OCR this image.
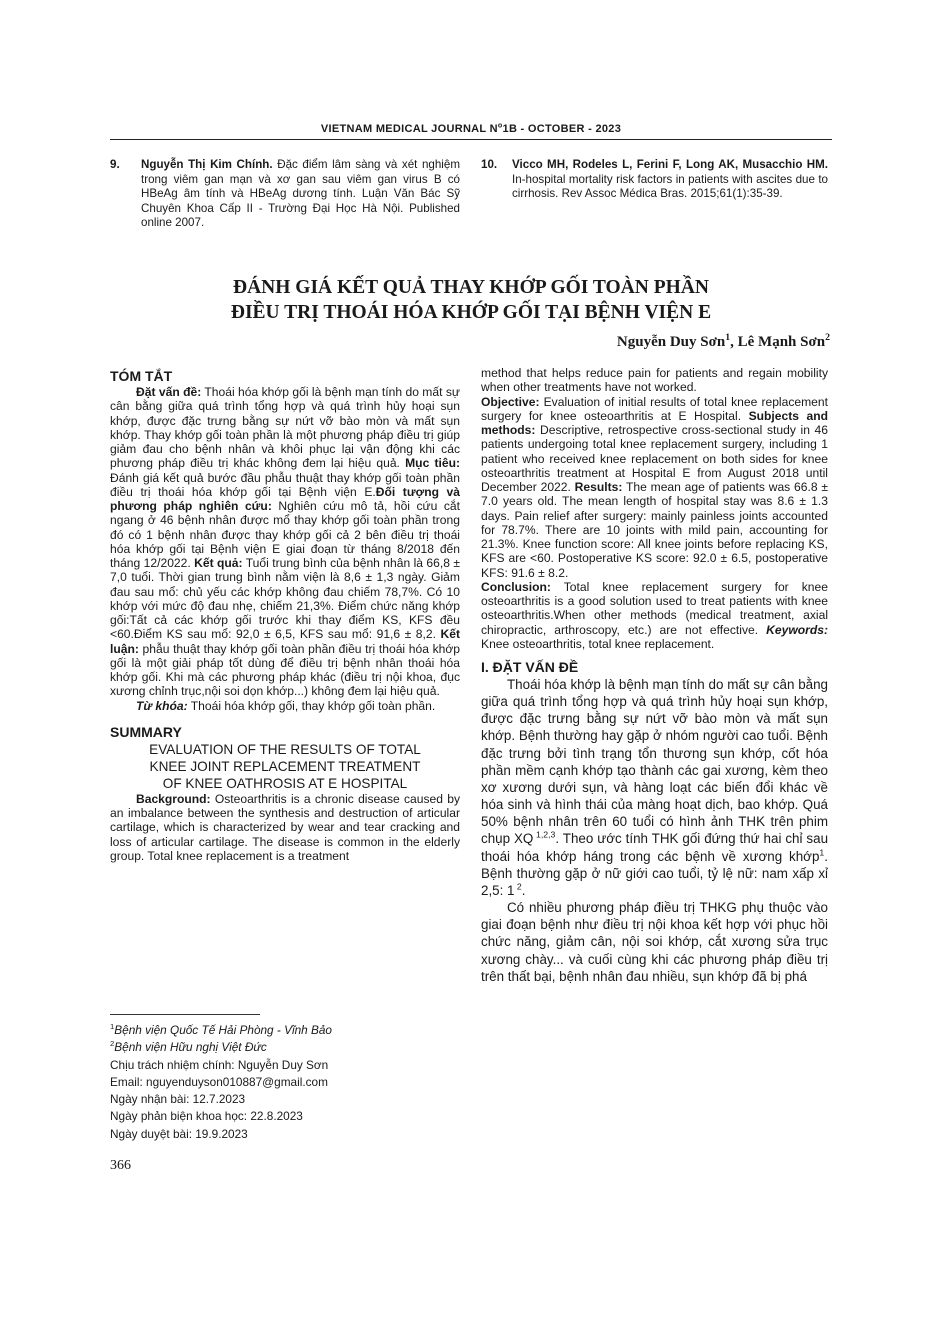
VIETNAM MEDICAL JOURNAL $N^o1B$ - OCTOBER - 2023
9. Nguyễn Thị Kim Chính. Đặc điểm lâm sàng và xét nghiệm trong viêm gan mạn và xơ gan sau viêm gan virus B có HBeAg âm tính và HBeAg dương tính. Luận Văn Bác Sỹ Chuyên Khoa Cấp II - Trường Đại Học Hà Nội. Published online 2007.
10. Vicco MH, Rodeles L, Ferini F, Long AK, Musacchio HM. In-hospital mortality risk factors in patients with ascites due to cirrhosis. Rev Assoc Médica Bras. 2015;61(1):35-39.
ĐÁNH GIÁ KẾT QUẢ THAY KHỚP GỐI TOÀN PHẦN
ĐIỀU TRỊ THOÁI HÓA KHỚP GỐI TẠI BỆNH VIỆN E
Nguyễn Duy Sơn$^1$, Lê Mạnh Sơn$^2$

TÓM TẮT

Đặt vấn đề: Thoái hóa khớp gối là bệnh mạn tính do mất sự cân bằng giữa quá trình tổng hợp và quá trình hủy hoại sụn khớp, được đặc trưng bằng sự nứt vỡ bào mòn và mất sụn khớp. Thay khớp gối toàn phần là một phương pháp điều trị giúp giảm đau cho bệnh nhân và khôi phục lại vận động khi các phương pháp điều trị khác không đem lại hiệu quả. Mục tiêu: Đánh giá kết quả bước đầu phẫu thuật thay khớp gối toàn phần điều trị thoái hóa khớp gối tại Bệnh viện E.Đối tượng và phương pháp nghiên cứu: Nghiên cứu mô tả, hồi cứu cắt ngang ở 46 bệnh nhân được mổ thay khớp gối toàn phần trong đó có 1 bệnh nhân được thay khớp gối cả 2 bên điều trị thoái hóa khớp gối tại Bệnh viện E giai đoạn từ tháng 8/2018 đến tháng 12/2022. Kết quả: Tuổi trung bình của bệnh nhân là 66,8 ± 7,0 tuổi. Thời gian trung bình nằm viện là 8,6 ± 1,3 ngày. Giảm đau sau mổ: chủ yếu các khớp không đau chiếm 78,7%. Có 10 khớp với mức độ đau nhẹ, chiếm 21,3%. Điểm chức năng khớp gối:Tất cả các khớp gối trước khi thay điểm KS, KFS đều <60.Điểm KS sau mổ: 92,0 ± 6,5, KFS sau mổ: 91,6 ± 8,2. Kết luận: phẫu thuật thay khớp gối toàn phần điều trị thoái hóa khớp gối là một giải pháp tốt dùng để điều trị bệnh nhân thoái hóa khớp gối. Khi mà các phương pháp khác (điều trị nội khoa, đục xương chỉnh trục,nội soi dọn khớp...) không đem lại hiệu quả.

Từ khóa: Thoái hóa khớp gối, thay khớp gối toàn phần.

SUMMARY

EVALUATION OF THE RESULTS OF TOTAL

KNEE JOINT REPLACEMENT TREATMENT

OF KNEE OATHROSIS AT E HOSPITAL

Background: Osteoarthritis is a chronic disease caused by an imbalance between the synthesis and destruction of articular cartilage, which is characterized by wear and tear cracking and loss of articular cartilage. The disease is common in the elderly group. Total knee replacement is a treatment

$^1$Bệnh viện Quốc Tế Hải Phòng - Vĩnh Bảo
$^2$Bệnh viện Hữu nghị Việt Đức
Chịu trách nhiệm chính: Nguyễn Duy Sơn
Email: nguyenduyson010887@gmail.com
Ngày nhận bài: 12.7.2023
Ngày phản biện khoa học: 22.8.2023
Ngày duyệt bài: 19.9.2023
366

method that helps reduce pain for patients and regain mobility when other treatments have not worked.

Objective: Evaluation of initial results of total knee replacement surgery for knee osteoarthritis at E Hospital. Subjects and methods: Descriptive, retrospective cross-sectional study in 46 patients undergoing total knee replacement surgery, including 1 patient who received knee replacement on both sides for knee osteoarthritis treatment at Hospital E from August 2018 until December 2022. Results: The mean age of patients was 66.8 ± 7.0 years old. The mean length of hospital stay was 8.6 ± 1.3 days. Pain relief after surgery: mainly painless joints accounted for 78.7%. There are 10 joints with mild pain, accounting for 21.3%. Knee function score: All knee joints before replacing KS, KFS are <60. Postoperative KS score: 92.0 ± 6.5, postoperative KFS: 91.6 ± 8.2.

Conclusion: Total knee replacement surgery for knee osteoarthritis is a good solution used to treat patients with knee osteoarthritis.When other methods (medical treatment, axial chiropractic, arthroscopy, etc.) are not effective. Keywords: Knee osteoarthritis, total knee replacement.

I. ĐẶT VẤN ĐỀ

Thoái hóa khớp là bệnh mạn tính do mất sự cân bằng giữa quá trình tổng hợp và quá trình hủy hoại sụn khớp, được đặc trưng bằng sự nứt vỡ bào mòn và mất sụn khớp. Bệnh thường hay gặp ở nhóm người cao tuổi. Bệnh đặc trưng bởi tình trạng tổn thương sụn khớp, cốt hóa phần mềm cạnh khớp tạo thành các gai xương, kèm theo xơ xương dưới sụn, và hàng loạt các biến đổi khác về hóa sinh và hình thái của màng hoạt dịch, bao khớp. Quá 50% bệnh nhân trên 60 tuổi có hình ảnh THK trên phim chụp XQ $^{1,2,3}$. Theo ước tính THK gối đứng thứ hai chỉ sau thoái hóa khớp háng trong các bệnh về xương khớp$^1$. Bệnh thường gặp ở nữ giới cao tuổi, tỷ lệ nữ: nam xấp xỉ 2,5: 1 $^2$.

Có nhiều phương pháp điều trị THKG phụ thuộc vào giai đoạn bệnh như điều trị nội khoa kết hợp với phục hồi chức năng, giảm cân, nội soi khớp, cắt xương sửa trục xương chày... và cuối cùng khi các phương pháp điều trị trên thất bại, bệnh nhân đau nhiều, sụn khớp đã bị phá
